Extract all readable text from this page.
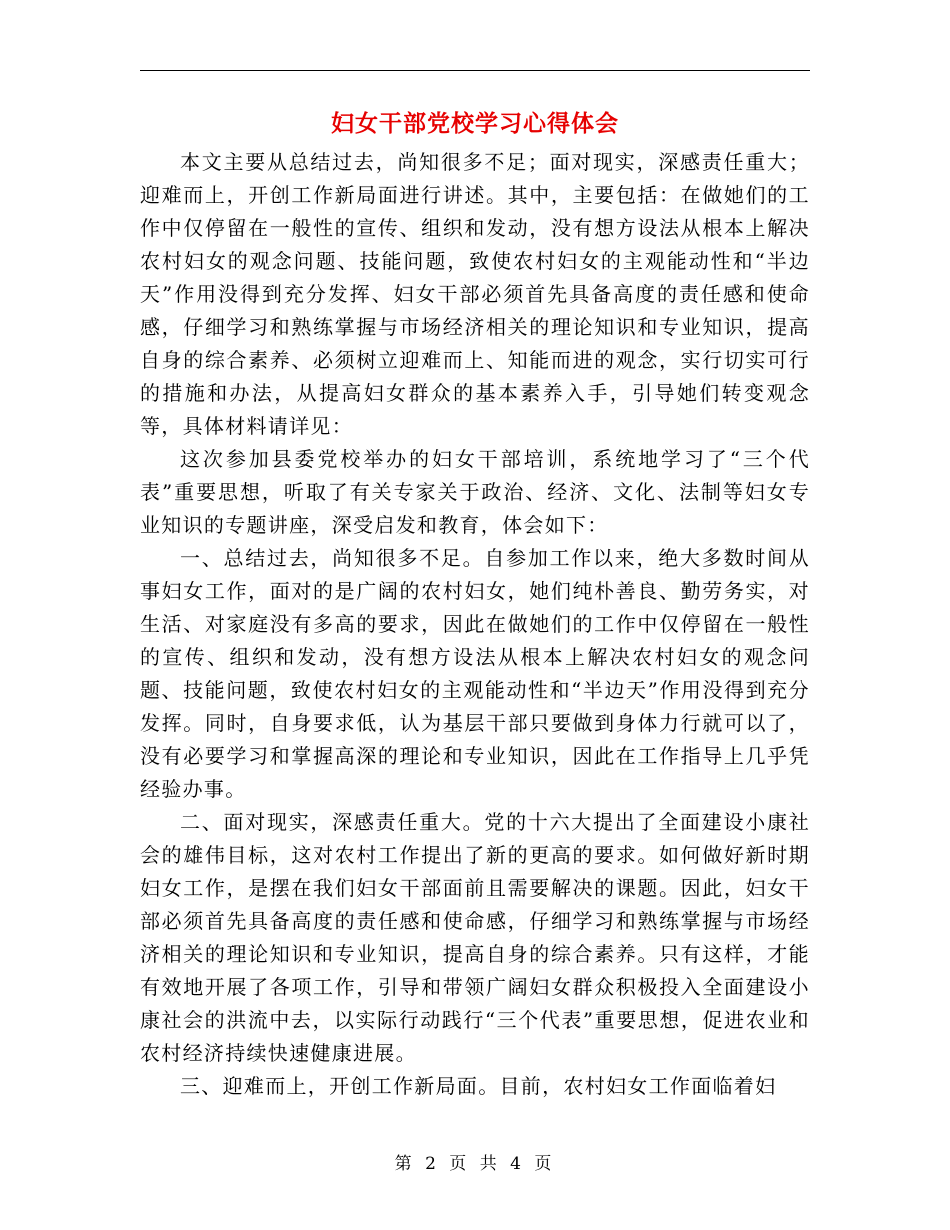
妇女干部党校学习心得体会

本文主要从总结过去，尚知很多不足；面对现实，深感责任重大；迎难而上，开创工作新局面进行讲述。其中，主要包括：在做她们的工作中仅停留在一般性的宣传、组织和发动，没有想方设法从根本上解决农村妇女的观念问题、技能问题，致使农村妇女的主观能动性和“半边天”作用没得到充分发挥、妇女干部必须首先具备高度的责任感和使命感，仔细学习和熟练掌握与市场经济相关的理论知识和专业知识，提高自身的综合素养、必须树立迎难而上、知能而进的观念，实行切实可行的措施和办法，从提高妇女群众的基本素养入手，引导她们转变观念等，具体材料请详见：

这次参加县委党校举办的妇女干部培训，系统地学习了“三个代表”重要思想，听取了有关专家关于政治、经济、文化、法制等妇女专业知识的专题讲座，深受启发和教育，体会如下：

一、总结过去，尚知很多不足。自参加工作以来，绝大多数时间从事妇女工作，面对的是广阔的农村妇女，她们纯朴善良、勤劳务实，对生活、对家庭没有多高的要求，因此在做她们的工作中仅停留在一般性的宣传、组织和发动，没有想方设法从根本上解决农村妇女的观念问题、技能问题，致使农村妇女的主观能动性和“半边天”作用没得到充分发挥。同时，自身要求低，认为基层干部只要做到身体力行就可以了，没有必要学习和掌握高深的理论和专业知识，因此在工作指导上几乎凭经验办事。

二、面对现实，深感责任重大。党的十六大提出了全面建设小康社会的雄伟目标，这对农村工作提出了新的更高的要求。如何做好新时期妇女工作，是摆在我们妇女干部面前且需要解决的课题。因此，妇女干部必须首先具备高度的责任感和使命感，仔细学习和熟练掌握与市场经济相关的理论知识和专业知识，提高自身的综合素养。只有这样，才能有效地开展了各项工作，引导和带领广阔妇女群众积极投入全面建设小康社会的洪流中去，以实际行动践行“三个代表”重要思想，促进农业和农村经济持续快速健康进展。

三、迎难而上，开创工作新局面。目前，农村妇女工作面临着妇

第 2 页 共 4 页
